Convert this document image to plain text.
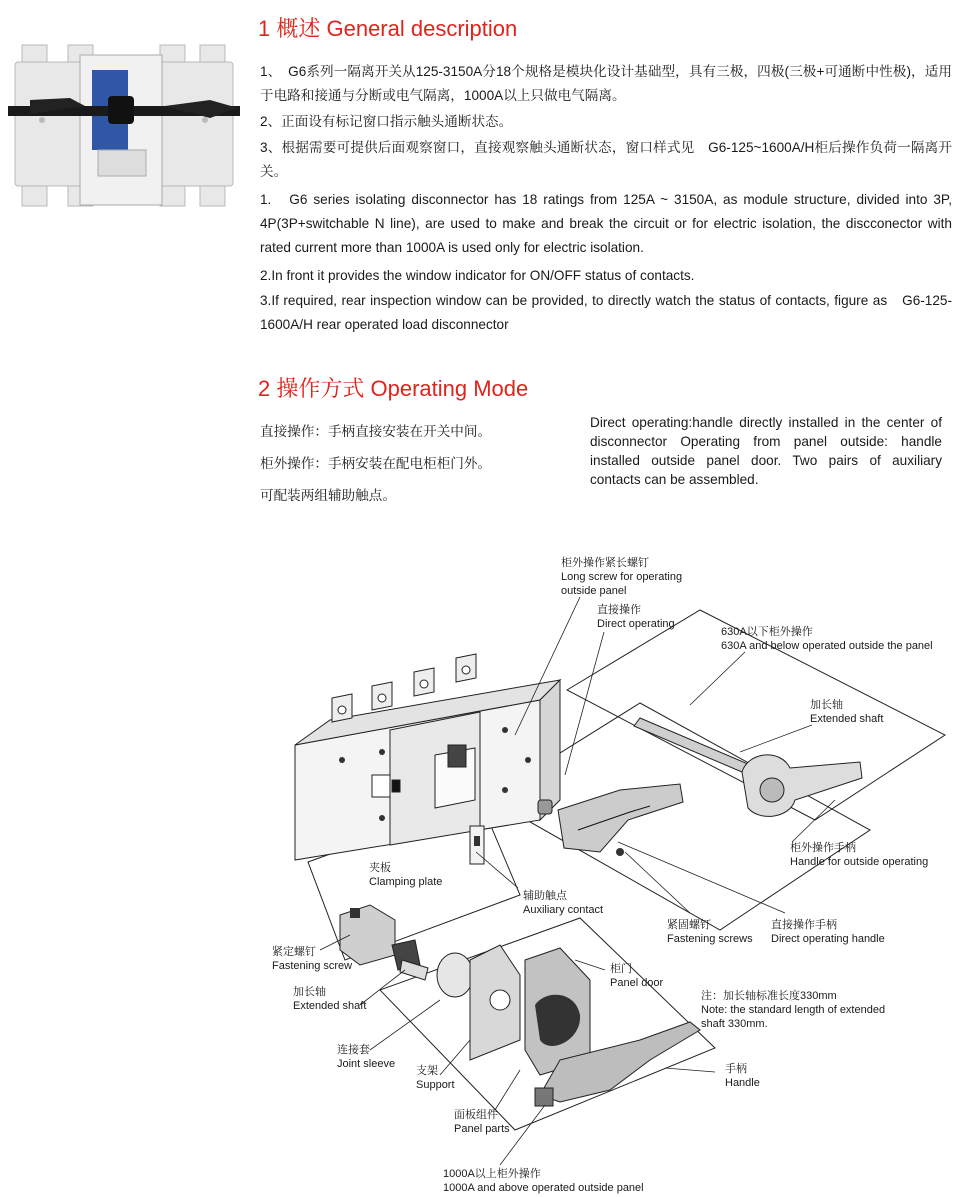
1 概述 General description

1、　G6系列一隔离开关从125-3150A分18个规格是模块化设计基础型，具有三极，四极(三极+可通断中性极)，适用于电路和接通与分断或电气隔离，1000A以上只做电气隔离。

2、正面设有标记窗口指示触头通断状态。

3、根据需要可提供后面观察窗口，直接观察触头通断状态，窗口样式见　G6-125~1600A/H柜后操作负荷一隔离开关。

1.　G6 series isolating disconnector has 18 ratings from 125A ~ 3150A, as module structure, divided into 3P, 4P(3P+switchable N line), are used to make and break the circuit or for electric isolation, the discconector with rated current more than 1000A is used only for electric isolation.

2.In front it provides the window indicator for ON/OFF status of contacts.

3.If required, rear inspection window can be provided, to directly watch the status of contacts, figure as　G6-125-1600A/H rear operated load disconnector

2 操作方式 Operating Mode

直接操作：手柄直接安装在开关中间。

柜外操作：手柄安装在配电柜柜门外。

可配装两组辅助触点。

Direct operating:handle directly installed in the center of disconnector Operating from panel outside: handle installed outside panel door. Two pairs of auxiliary contacts can be assembled.

柜外操作紧长螺钉
Long screw for operating
outside panel
直接操作
Direct operating
630A以下柜外操作
630A and below operated outside the panel
加长轴
Extended shaft
柜外操作手柄
Handle for outside operating
夹板
Clamping plate
辅助触点
Auxiliary contact
紧固螺钉
Fastening screws
直接操作手柄
Direct operating handle
紧定螺钉
Fastening screw	柜门
Panel door
加长轴
Extended shaft
注：加长轴标准长度330mm
Note: the standard length of extended
shaft 330mm.
连接套
Joint sleeve
支架
Support
手柄
Handle
面板组件
Panel parts
1000A以上柜外操作
1000A and above operated outside panel
